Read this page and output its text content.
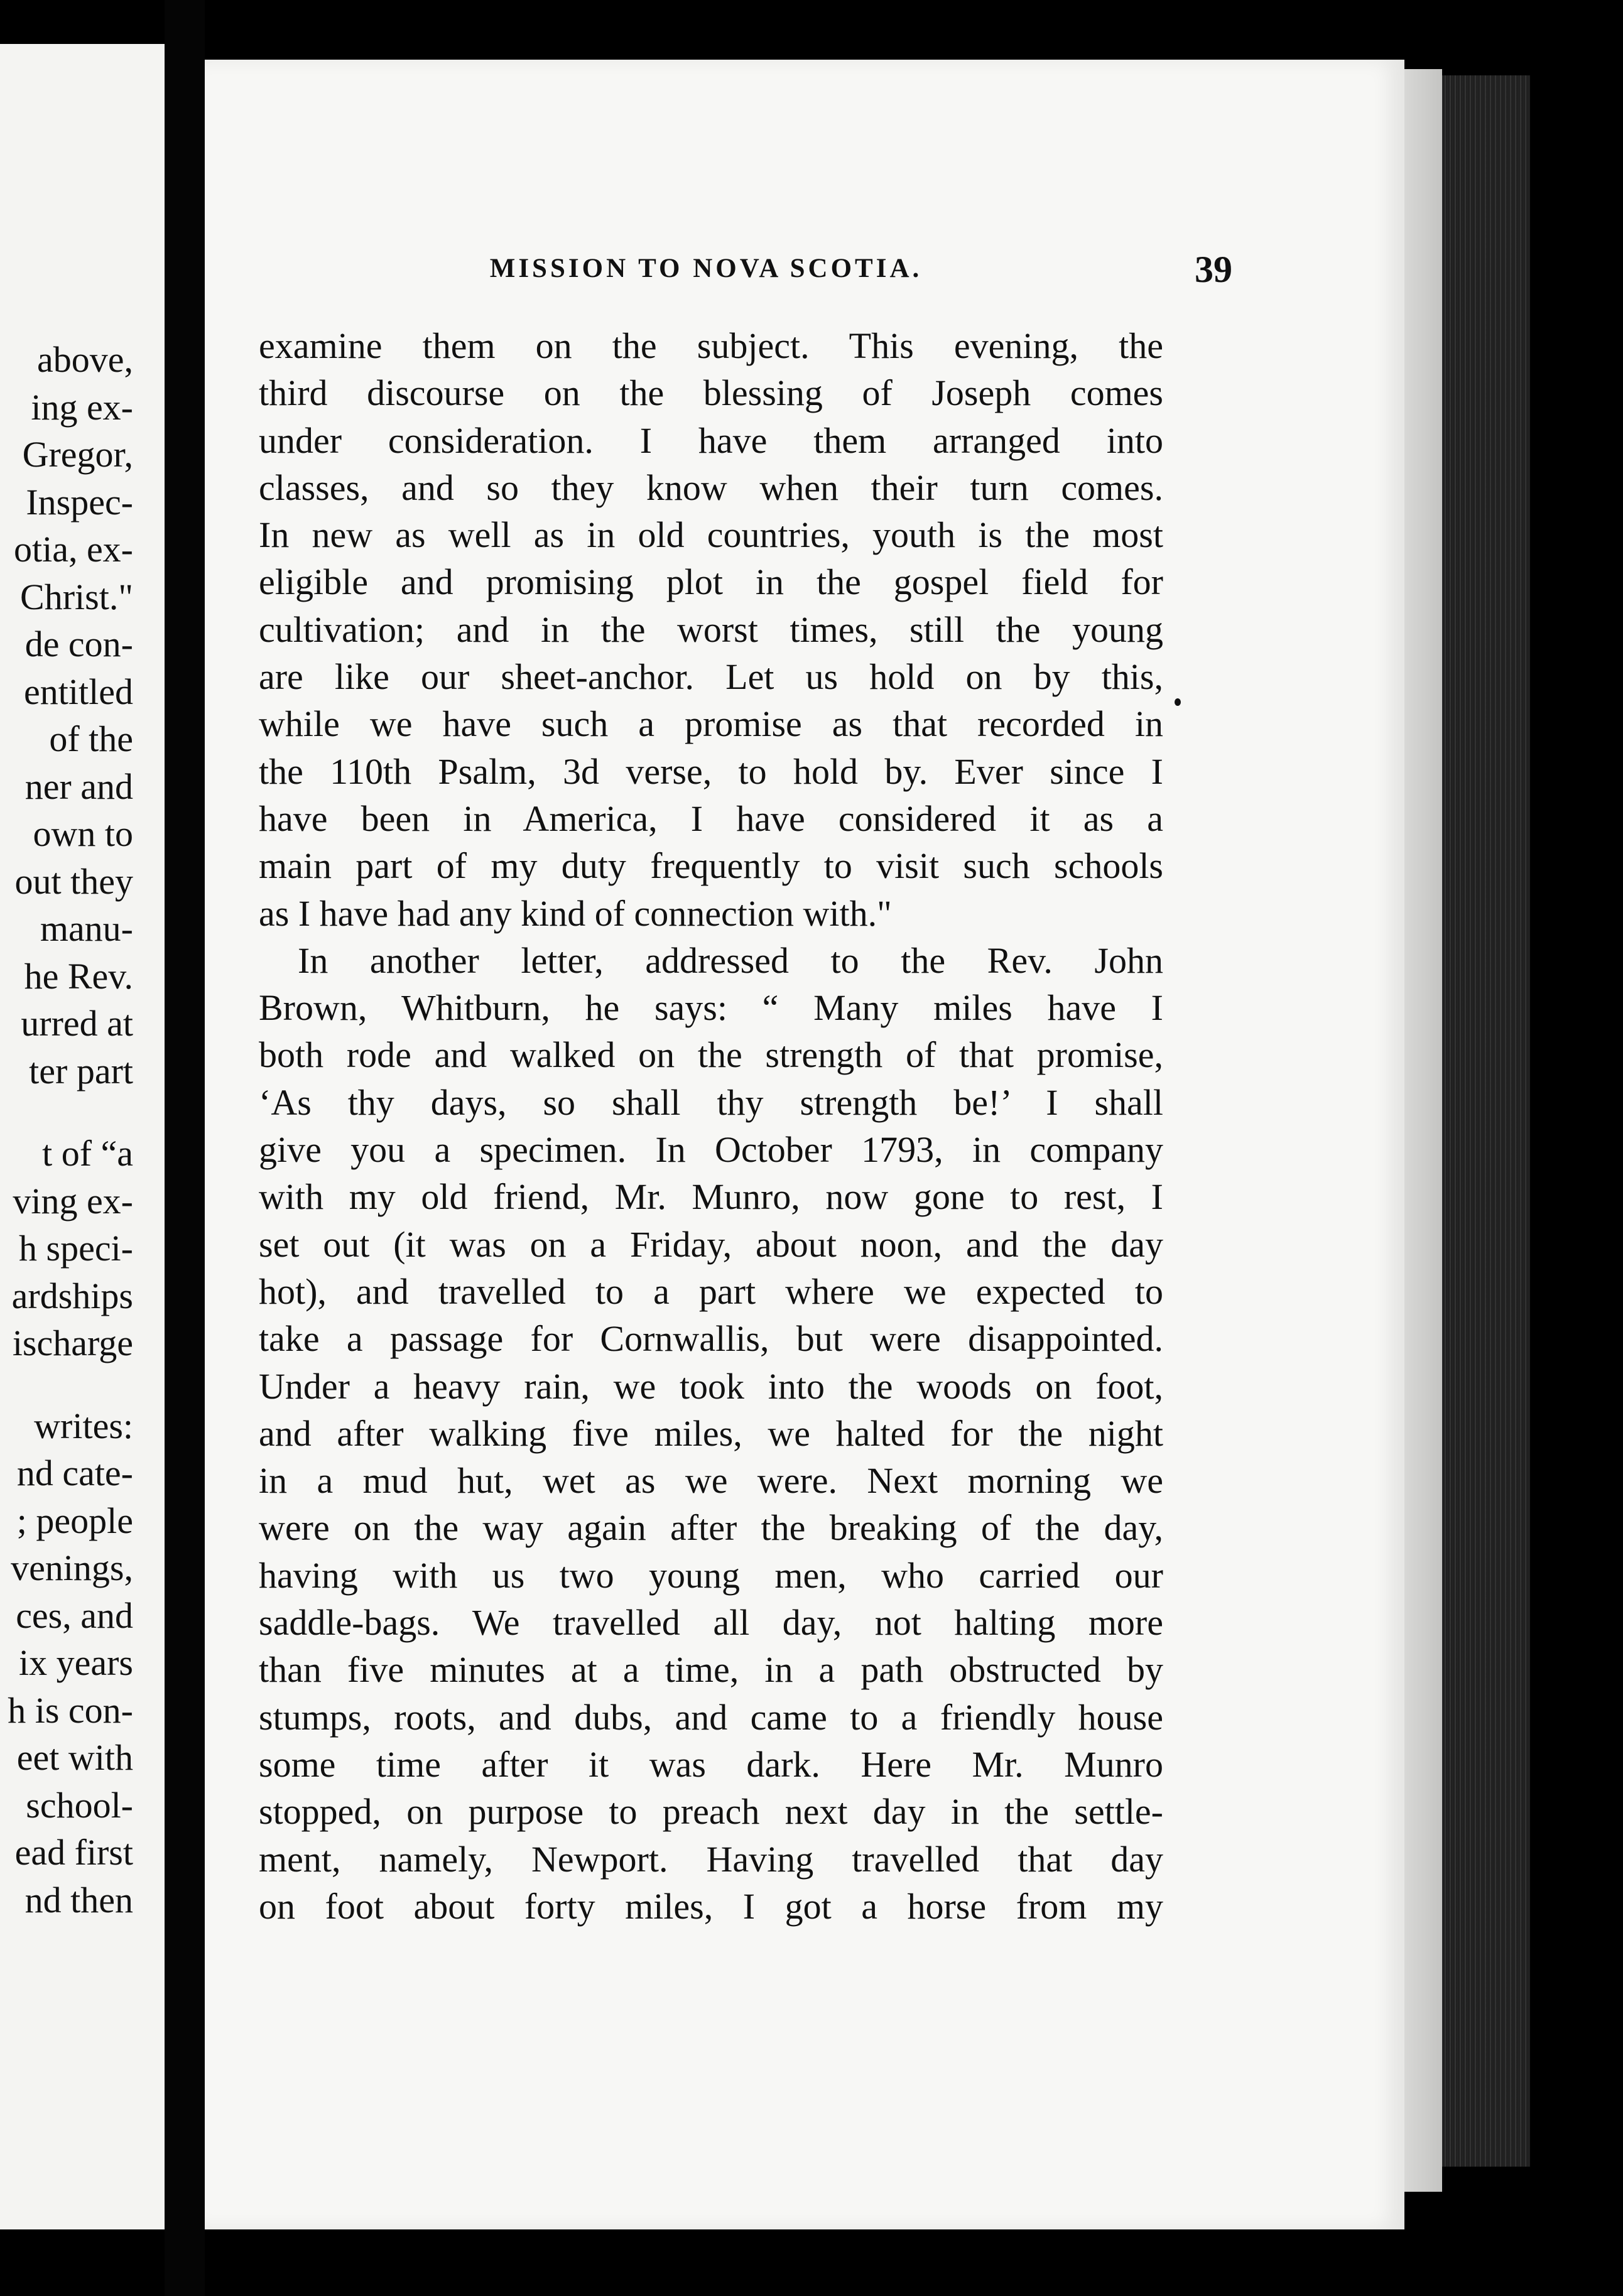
above,
ing ex-
Gregor,
Inspec-
otia, ex-
Christ."
de con-
entitled
of the
ner and
own to
out they
manu-
he Rev.
urred at
ter part
t of “a
ving ex-
h speci-
ardships
ischarge
writes:
nd cate-
; people
venings,
ces, and
ix years
h is con-
eet with
school-
ead first
nd then
MISSION TO NOVA SCOTIA.	39
examine them on the subject. This evening, the
third discourse on the blessing of Joseph comes
under consideration. I have them arranged into
classes, and so they know when their turn comes.
In new as well as in old countries, youth is the most
eligible and promising plot in the gospel field for
cultivation; and in the worst times, still the young
are like our sheet-anchor. Let us hold on by this,
while we have such a promise as that recorded in
the 110th Psalm, 3d verse, to hold by. Ever since I
have been in America, I have considered it as a
main part of my duty frequently to visit such schools
as I have had any kind of connection with."
In another letter, addressed to the Rev. John
Brown, Whitburn, he says: “ Many miles have I
both rode and walked on the strength of that promise,
‘As thy days, so shall thy strength be!’ I shall
give you a specimen. In October 1793, in company
with my old friend, Mr. Munro, now gone to rest, I
set out (it was on a Friday, about noon, and the day
hot), and travelled to a part where we expected to
take a passage for Cornwallis, but were disappointed.
Under a heavy rain, we took into the woods on foot,
and after walking five miles, we halted for the night
in a mud hut, wet as we were. Next morning we
were on the way again after the breaking of the day,
having with us two young men, who carried our
saddle-bags. We travelled all day, not halting more
than five minutes at a time, in a path obstructed by
stumps, roots, and dubs, and came to a friendly house
some time after it was dark. Here Mr. Munro
stopped, on purpose to preach next day in the settle-
ment, namely, Newport. Having travelled that day
on foot about forty miles, I got a horse from my
